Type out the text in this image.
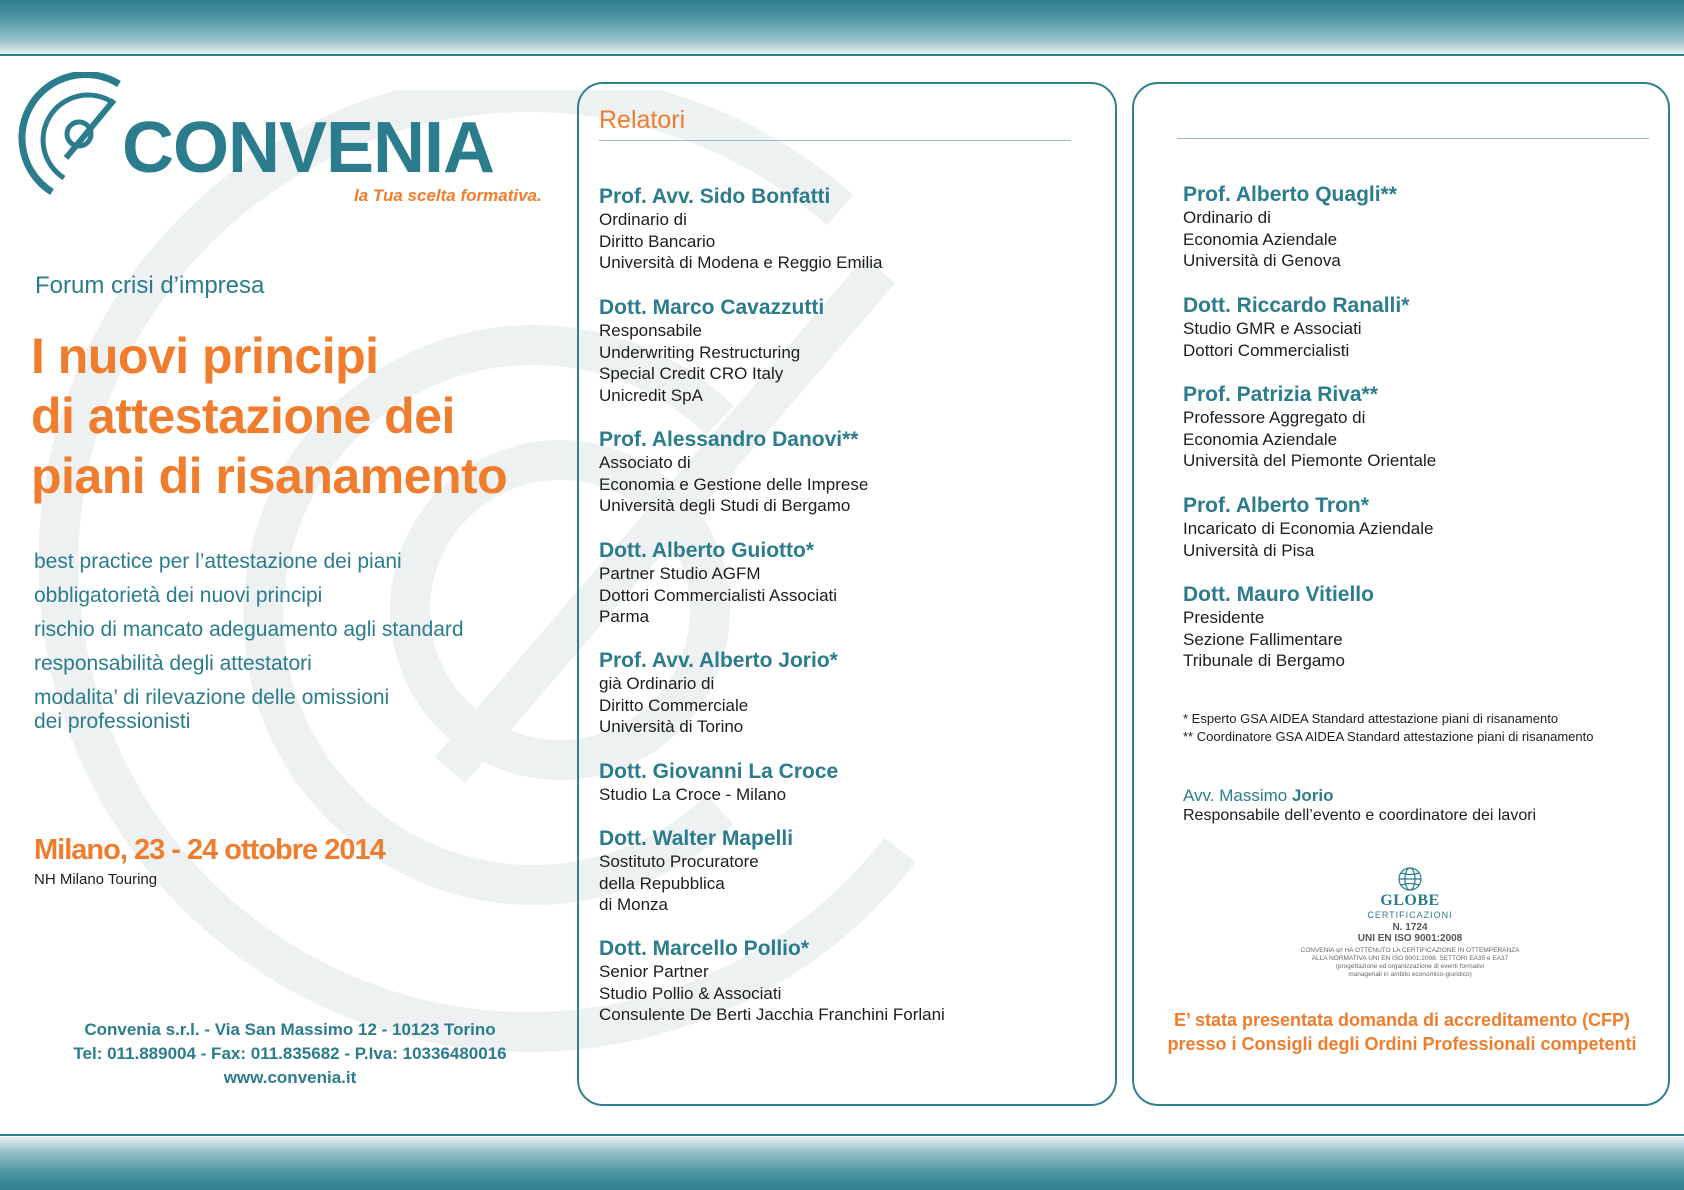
CONVENIA
la Tua scelta formativa.
Forum crisi d’impresa
I nuovi principi
di attestazione dei
piani di risanamento
best practice per l’attestazione dei piani
obbligatorietà dei nuovi principi
rischio di mancato adeguamento agli standard
responsabilità degli attestatori
modalita’ di rilevazione delle omissioni
dei professionisti
Milano, 23 - 24 ottobre 2014
NH Milano Touring
Convenia s.r.l. - Via San Massimo 12 - 10123 Torino
Tel: 011.889004 - Fax: 011.835682 - P.Iva: 10336480016
www.convenia.it
Relatori
Prof. Avv. Sido Bonfatti
Ordinario di
Diritto Bancario
Università di Modena e Reggio Emilia
Dott. Marco Cavazzutti
Responsabile
Underwriting Restructuring
Special Credit CRO Italy
Unicredit SpA
Prof. Alessandro Danovi**
Associato di
Economia e Gestione delle Imprese
Università degli Studi di Bergamo
Dott. Alberto Guiotto*
Partner Studio AGFM
Dottori Commercialisti Associati
Parma
Prof. Avv. Alberto Jorio*
già Ordinario di
Diritto Commerciale
Università di Torino
Dott. Giovanni La Croce
Studio La Croce - Milano
Dott. Walter Mapelli
Sostituto Procuratore
della Repubblica
di Monza
Dott. Marcello Pollio*
Senior Partner
Studio Pollio & Associati
Consulente De Berti Jacchia Franchini Forlani
Prof. Alberto Quagli**
Ordinario di
Economia Aziendale
Università di Genova
Dott. Riccardo Ranalli*
Studio GMR e Associati
Dottori Commercialisti
Prof. Patrizia Riva**
Professore Aggregato di
Economia Aziendale
Università del Piemonte Orientale
Prof. Alberto Tron*
Incaricato di Economia Aziendale
Università di Pisa
Dott. Mauro Vitiello
Presidente
Sezione Fallimentare
Tribunale di Bergamo
* Esperto GSA AIDEA Standard attestazione piani di risanamento
** Coordinatore GSA AIDEA Standard attestazione piani di risanamento
Avv. Massimo Jorio
Responsabile dell’evento e coordinatore dei lavori
GLOBE
CERTIFICAZIONI
N. 1724
UNI EN ISO 9001:2008
CONVENIA srl HA OTTENUTO LA CERTIFICAZIONE IN OTTEMPERANZA
ALLA NORMATIVA UNI EN ISO 9001:2008. SETTORI EA35 e EA37
(progettazione ed organizzazione di eventi formativi
manageriali in ambito economico-giuridico)
E’ stata presentata domanda di accreditamento (CFP)
presso i Consigli degli Ordini Professionali competenti
